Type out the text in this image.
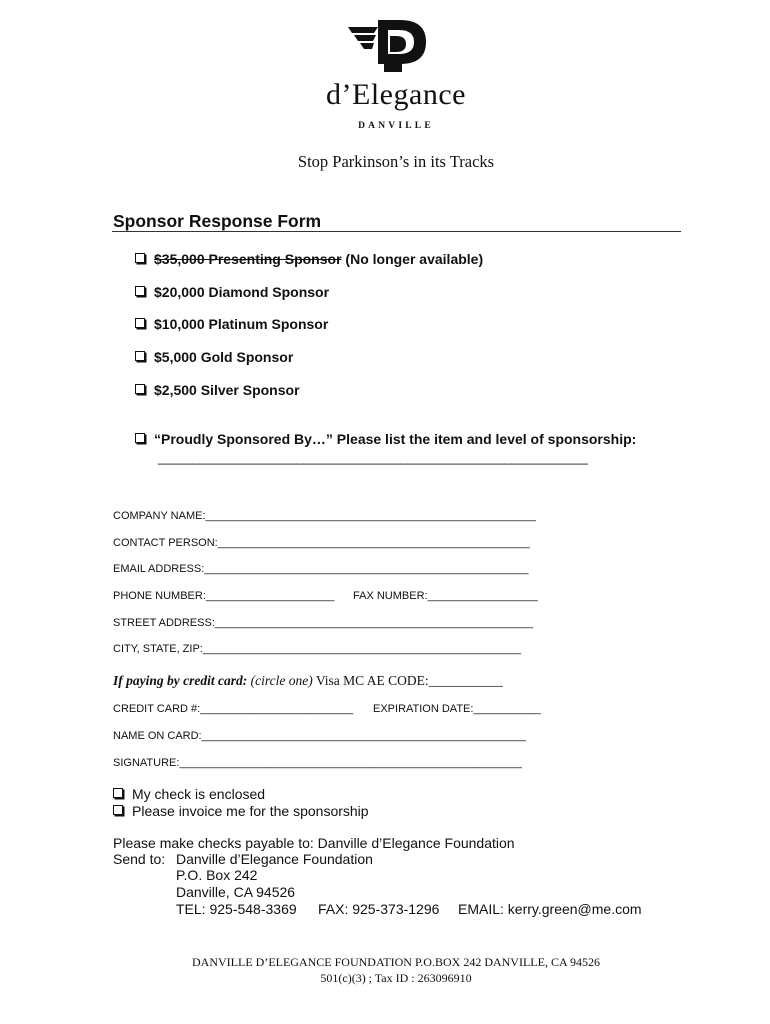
d’Elegance
DANVILLE
Stop Parkinson’s in its Tracks
Sponsor Response Form
$35,000 Presenting Sponsor (No longer available)
$20,000 Diamond Sponsor
$10,000 Platinum Sponsor
$5,000 Gold Sponsor
$2,500 Silver Sponsor
“Proudly Sponsored By…” Please list the item and level of sponsorship:
______________________________________________________________
COMPANY NAME:______________________________________________________
CONTACT PERSON:___________________________________________________
EMAIL ADDRESS:_____________________________________________________
PHONE NUMBER:_____________________ FAX NUMBER:__________________
STREET ADDRESS:____________________________________________________
CITY, STATE, ZIP:____________________________________________________
If paying by credit card: (circle one) Visa MC AE CODE:___________
CREDIT CARD #:_________________________ EXPIRATION DATE:___________
NAME ON CARD:_____________________________________________________
SIGNATURE:________________________________________________________
My check is enclosed
Please invoice me for the sponsorship
Please make checks payable to: Danville d’Elegance Foundation
Send to: Danville d’Elegance Foundation
P.O. Box 242
Danville, CA 94526
TEL: 925-548-3369 FAX: 925-373-1296 EMAIL: kerry.green@me.com
DANVILLE D’ELEGANCE FOUNDATION P.O.BOX 242 DANVILLE, CA 94526
501(c)(3) ; Tax ID : 263096910
